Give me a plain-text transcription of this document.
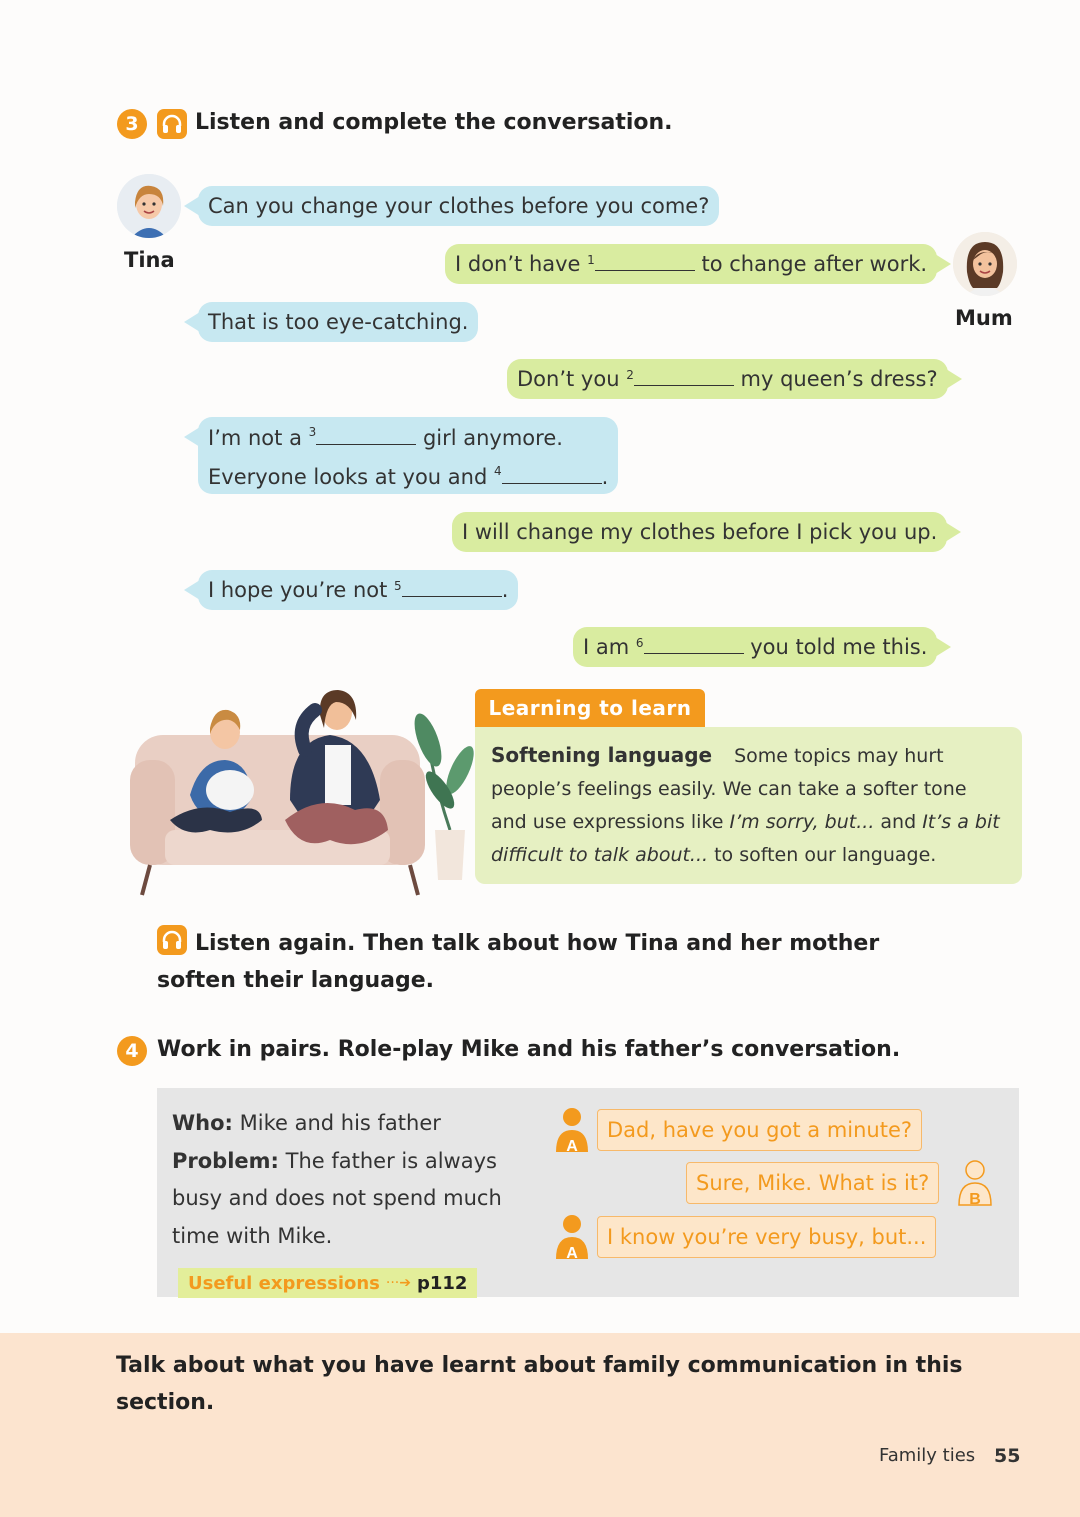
3	Listen and complete the conversation.
Tina
Mum
Can you change your clothes before you come?
I don’t have $^1$	to change after work.
That is too eye-catching.
Don’t you $^2$	my queen’s dress?
I’m not a $^3$	girl anymore.
Everyone looks at you and $^4$	.
I will change my clothes before I pick you up.
I hope you’re not $^5$	.
I am $^6$	you told me this.
Learning to learn
Softening language Some topics may hurt people’s feelings easily. We can take a softer tone and use expressions like I’m sorry, but... and It’s a bit difficult to talk about... to soften our language.
Listen again. Then talk about how Tina and her mother soften their language.
4 Work in pairs. Role-play Mike and his father’s conversation.
Who: Mike and his father
Problem: The father is always busy and does not spend much time with Mike.
Useful expressions ···➔ p112
A
Dad, have you got a minute?
Sure, Mike. What is it?
B
A
I know you’re very busy, but...
Talk about what you have learnt about family communication in this section.
Family ties 55
